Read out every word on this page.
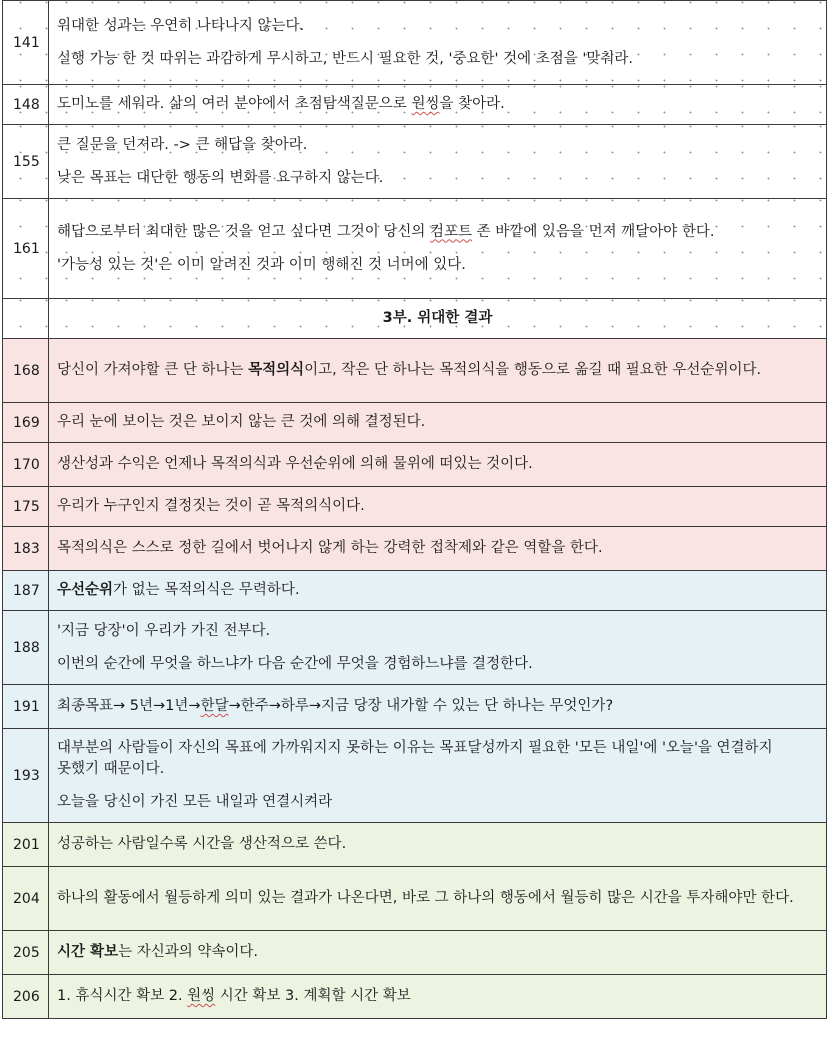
141	위대한 성과는 우연히 나타나지 않는다.

실행 가능 한 것 따위는 과감하게 무시하고, 반드시 필요한 것, '중요한' 것에 초점을 '맞춰라.

148	도미노를 세워라. 삶의 여러 분야에서 초점탐색질문으로 원씽을 찾아라.

155	큰 질문을 던져라. -> 큰 해답을 찾아라.

낮은 목표는 대단한 행동의 변화를 요구하지 않는다.

161	해답으로부터 최대한 많은 것을 얻고 싶다면 그것이 당신의 컴포트 존 바깥에 있음을 먼저 깨달아야 한다.

'가능성 있는 것'은 이미 알려진 것과 이미 행해진 것 너머에 있다.

	3부. 위대한 결과
168	당신이 가져야할 큰 단 하나는 목적의식이고, 작은 단 하나는 목적의식을 행동으로 옮길 때 필요한 우선순위이다.

169	우리 눈에 보이는 것은 보이지 않는 큰 것에 의해 결정된다.

170	생산성과 수익은 언제나 목적의식과 우선순위에 의해 물위에 떠있는 것이다.

175	우리가 누구인지 결정짓는 것이 곧 목적의식이다.

183	목적의식은 스스로 정한 길에서 벗어나지 않게 하는 강력한 접착제와 같은 역할을 한다.

187	우선순위가 없는 목적의식은 무력하다.

188	'지금 당장'이 우리가 가진 전부다.

이번의 순간에 무엇을 하느냐가 다음 순간에 무엇을 경험하느냐를 결정한다.

191	최종목표→ 5년→1년→한달→한주→하루→지금 당장 내가할 수 있는 단 하나는 무엇인가?

193	대부분의 사람들이 자신의 목표에 가까워지지 못하는 이유는 목표달성까지 필요한 '모든 내일'에 '오늘'을 연결하지 못했기 때문이다.

오늘을 당신이 가진 모든 내일과 연결시켜라

201	성공하는 사람일수록 시간을 생산적으로 쓴다.

204	하나의 활동에서 월등하게 의미 있는 결과가 나온다면, 바로 그 하나의 행동에서 월등히 많은 시간을 투자해야만 한다.

205	시간 확보는 자신과의 약속이다.

206	1. 휴식시간 확보 2. 원씽 시간 확보 3. 계획할 시간 확보
